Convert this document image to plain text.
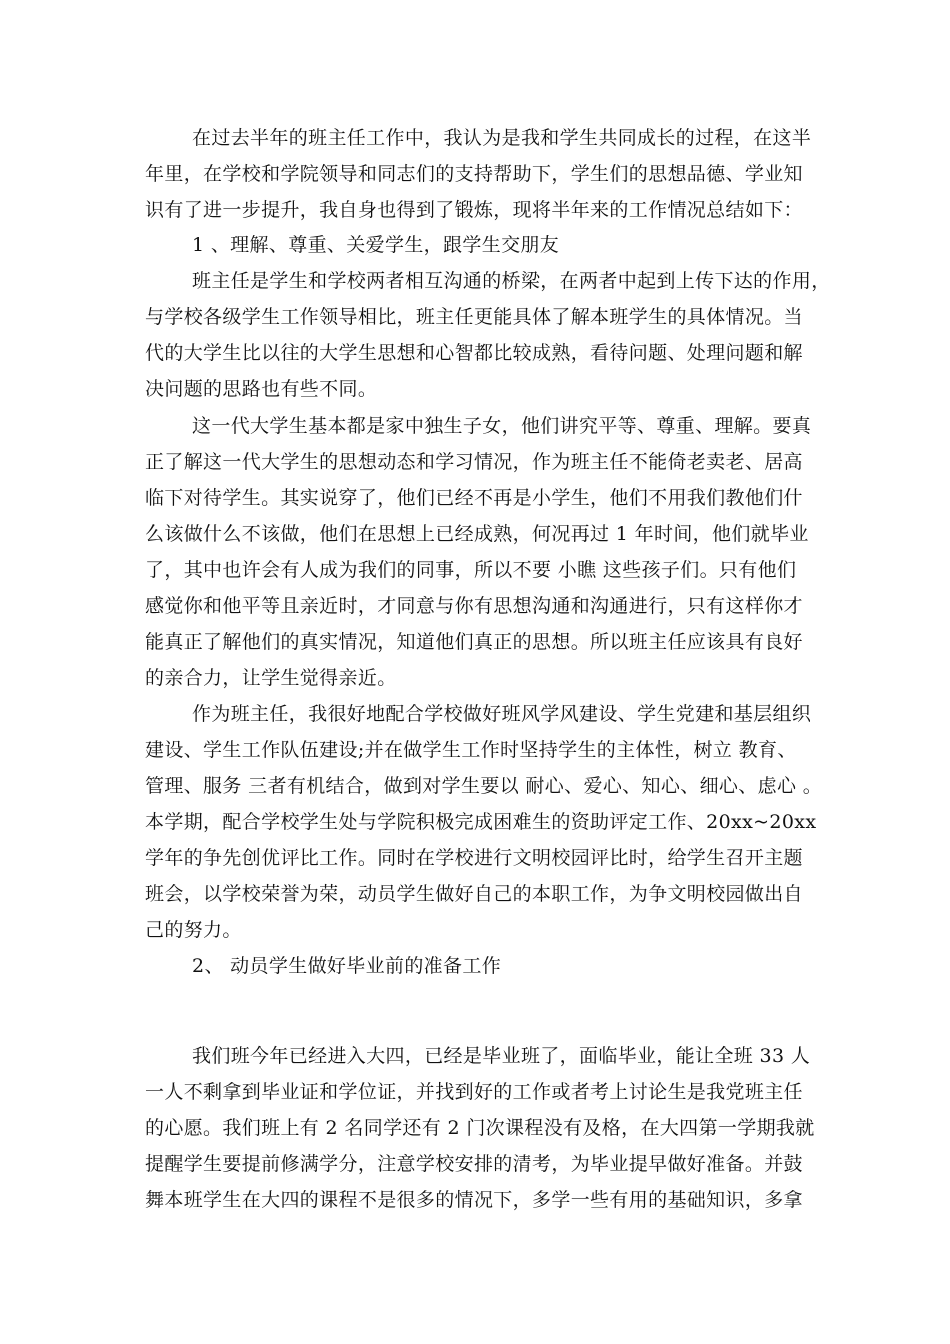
在过去半年的班主任工作中，我认为是我和学生共同成长的过程，在这半
年里，在学校和学院领导和同志们的支持帮助下，学生们的思想品德、学业知
识有了进一步提升，我自身也得到了锻炼，现将半年来的工作情况总结如下：
1 、理解、尊重、关爱学生，跟学生交朋友
班主任是学生和学校两者相互沟通的桥梁，在两者中起到上传下达的作用，
与学校各级学生工作领导相比，班主任更能具体了解本班学生的具体情况。当
代的大学生比以往的大学生思想和心智都比较成熟，看待问题、处理问题和解
决问题的思路也有些不同。
这一代大学生基本都是家中独生子女，他们讲究平等、尊重、理解。要真
正了解这一代大学生的思想动态和学习情况，作为班主任不能倚老卖老、居高
临下对待学生。其实说穿了，他们已经不再是小学生，他们不用我们教他们什
么该做什么不该做，他们在思想上已经成熟，何况再过 1 年时间，他们就毕业
了，其中也许会有人成为我们的同事，所以不要 小瞧 这些孩子们。只有他们
感觉你和他平等且亲近时，才同意与你有思想沟通和沟通进行，只有这样你才
能真正了解他们的真实情况，知道他们真正的思想。所以班主任应该具有良好
的亲合力，让学生觉得亲近。
作为班主任，我很好地配合学校做好班风学风建设、学生党建和基层组织
建设、学生工作队伍建设;并在做学生工作时坚持学生的主体性，树立 教育、
管理、服务 三者有机结合，做到对学生要以 耐心、爱心、知心、细心、虑心 。
本学期，配合学校学生处与学院积极完成困难生的资助评定工作、20xx~20xx
学年的争先创优评比工作。同时在学校进行文明校园评比时，给学生召开主题
班会，以学校荣誉为荣，动员学生做好自己的本职工作，为争文明校园做出自
己的努力。
2、 动员学生做好毕业前的准备工作
我们班今年已经进入大四，已经是毕业班了，面临毕业，能让全班 33 人
一人不剩拿到毕业证和学位证，并找到好的工作或者考上讨论生是我党班主任
的心愿。我们班上有 2 名同学还有 2 门次课程没有及格，在大四第一学期我就
提醒学生要提前修满学分，注意学校安排的清考，为毕业提早做好准备。并鼓
舞本班学生在大四的课程不是很多的情况下，多学一些有用的基础知识，多拿
